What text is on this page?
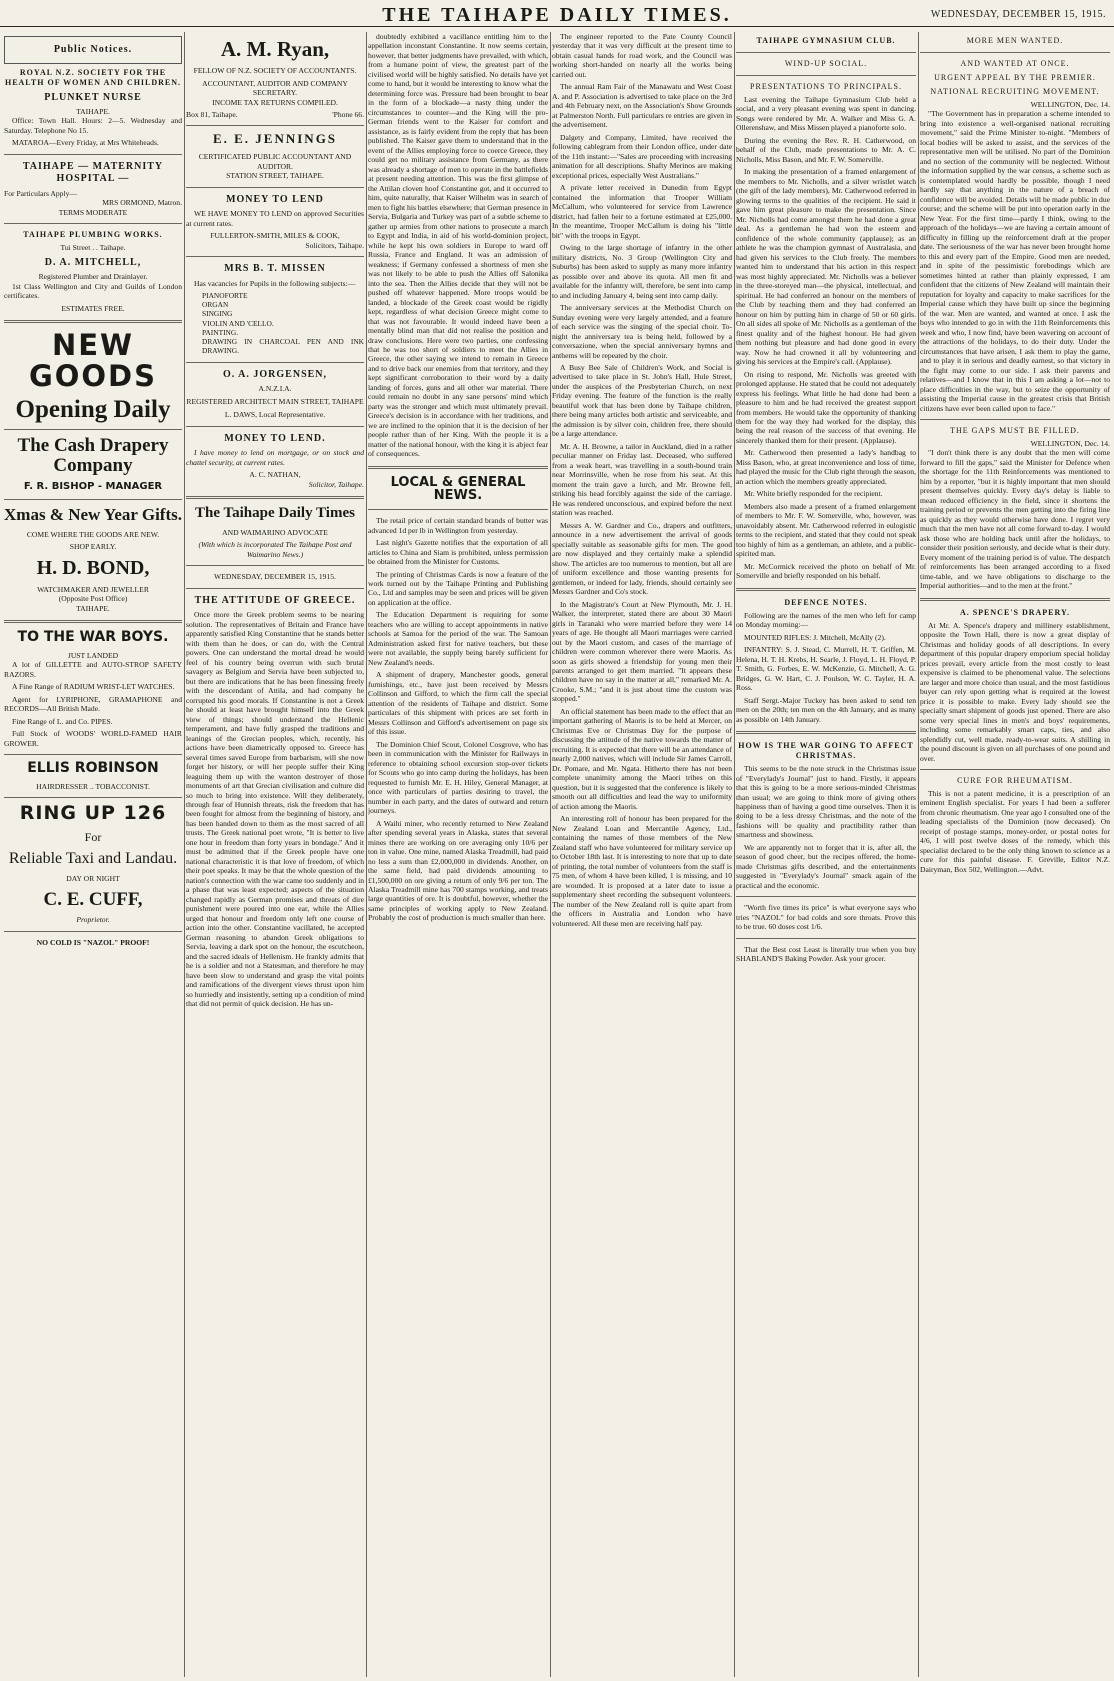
THE TAIHAPE DAILY TIMES.	WEDNESDAY, DECEMBER 15, 1915.
Public Notices.
ROYAL N.Z. SOCIETY FOR THE HEALTH OF WOMEN AND CHILDREN.
PLUNKET NURSE
TAIHAPE.

Office: Town Hall. Hours: 2—5. Wednesday and Saturday. Telephone No 15.

MATAROA—Every Friday, at Mrs Whiteheads.

TAIHAPE — MATERNITY HOSPITAL —
For Particulars Apply—
MRS ORMOND, Matron.
TERMS MODERATE
TAIHAPE PLUMBING WORKS.
Tui Street . . Taihape.
D. A. MITCHELL,
Registered Plumber and Drainlayer.

1st Class Wellington and City and Guilds of London certificates.

ESTIMATES FREE.
NEW GOODS
Opening Daily
The Cash Drapery Company
F. R. BISHOP - MANAGER
Xmas & New Year Gifts.
COME WHERE THE GOODS ARE NEW.
SHOP EARLY.
H. D. BOND,
WATCHMAKER AND JEWELLER
(Opposite Post Office)
TAIHAPE.
TO THE WAR BOYS.
JUST LANDED

A lot of GILLETTE and AUTO-STROP SAFETY RAZORS.

A Fine Range of RADIUM WRIST-LET WATCHES.

Agent for LYRIPHONE, GRAMAPHONE and RECORDS—All British Made.

Fine Range of L. and Co. PIPES.

Full Stock of WOODS' WORLD-FAMED HAIR GROWER.

ELLIS ROBINSON
HAIRDRESSER .. TOBACCONIST.
RING UP 126
For
Reliable Taxi and Landau.
DAY OR NIGHT
C. E. CUFF,
Proprietor.
NO COLD IS "NAZOL" PROOF!
A. M. Ryan,
FELLOW OF N.Z. SOCIETY OF ACCOUNTANTS.
ACCOUNTANT, AUDITOR AND COMPANY SECRETARY.
INCOME TAX RETURNS COMPILED.
Box 81, Taihape.	'Phone 66.
E. E. JENNINGS
CERTIFICATED PUBLIC ACCOUNTANT AND AUDITOR.
STATION STREET, TAIHAPE.
MONEY TO LEND

WE HAVE MONEY TO LEND on approved Securities at current rates.

FULLERTON-SMITH, MILES & COOK,
Solicitors, Taihape.
MRS B. T. MISSEN

Has vacancies for Pupils in the following subjects:—

PIANOFORTE
ORGAN
SINGING
VIOLIN AND 'CELLO.
PAINTING.
DRAWING IN CHARCOAL PEN AND INK DRAWING.
O. A. JORGENSEN,
A.N.Z.I.A.
REGISTERED ARCHITECT MAIN STREET, TAIHAPE
L. DAWS, Local Representative.
MONEY TO LEND.

I have money to lend on mortgage, or on stock and chattel security, at current rates.

A. C. NATHAN,
Solicitor, Taihape.
The Taihape Daily Times
AND WAIMARINO ADVOCATE
(With which is incorporated The Taihape Post and Waimarino News.)
WEDNESDAY, DECEMBER 15, 1915.
THE ATTITUDE OF GREECE.

Once more the Greek problem seems to be nearing solution. The representatives of Britain and France have apparently satisfied King Constantine that he stands better with them than he does, or can do, with the Central powers. One can understand the mortal dread he would feel of his country being overrun with such brutal savagery as Belgium and Servia have been subjected to, but there are indications that he has been finessing freely with the descendant of Attila, and had company he corrupted his good morals. If Constantine is not a Greek he should at least have brought himself into the Greek view of things; should understand the Hellenic temperament, and have fully grasped the traditions and leanings of the Grecian peoples, which, recently, his actions have been diametrically opposed to. Greece has several times saved Europe from barbarism, will she now forget her history, or will her people suffer their King leaguing them up with the wanton destroyer of those monuments of art that Grecian civilisation and culture did so much to bring into existence. Will they deliberately, through fear of Hunnish threats, risk the freedom that has been fought for almost from the beginning of history, and has been handed down to them as the most sacred of all trusts. The Greek national poet wrote, "It is better to live one hour in freedom than forty years in bondage." And it must be admitted that if the Greek people have one national characteristic it is that love of freedom, of which their poet speaks. It may be that the whole question of the nation's connection with the war came too suddenly and in a phase that was least expected; aspects of the situation changed rapidly as German promises and threats of dire punishment were poured into one ear, while the Allies urged that honour and freedom only left one course of action into the other. Constantine vacillated, he accepted German reasoning to abandon Greek obligations to Servia, leaving a dark spot on the honour, the escutcheon, and the sacred ideals of Hellenism. He frankly admits that he is a soldier and not a Statesman, and therefore he may have been slow to understand and grasp the vital points and ramifications of the divergent views thrust upon him so hurriedly and insistently, setting up a condition of mind that did not permit of quick decision. He has un-

doubtedly exhibited a vacillance entitling him to the appellation inconstant Constantine. It now seems certain, however, that better judgments have prevailed, with which, from a humane point of view, the greatest part of the civilised world will be highly satisfied. No details have yet come to hand, but it would be interesting to know what the determining force was. Pressure had been brought to bear in the form of a blockade—a nasty thing under the circumstances to counter—and the King will the pro-German friends went to the Kaiser for comfort and assistance, as is fairly evident from the reply that has been published. The Kaiser gave them to understand that in the event of the Allies employing force to coerce Greece, they could get no military assistance from Germany, as there was already a shortage of men to operate in the battlefields at present needing attention. This was the first glimpse of the Attilan cloven hoof Constantine got, and it occurred to him, quite naturally, that Kaiser Wilhelm was in search of men to fight his battles elsewhere; that German presence in Servia, Bulgaria and Turkey was part of a subtle scheme to gather up armies from other nations to prosecute a march to Egypt and India, in aid of his world-dominion project, while he kept his own soldiers in Europe to ward off Russia, France and England. It was an admission of weakness; if Germany confessed a shortness of men she was not likely to be able to push the Allies off Salonika into the sea. Then the Allies decide that they will not be pushed off whatever happened. More troops would be landed, a blockade of the Greek coast would be rigidly kept, regardless of what decision Greece might come to that was not favourable. It would indeed have been a mentally blind man that did not realise the position and draw conclusions. Here were two parties, one confessing that he was too short of soldiers to meet the Allies in Greece, the other saying we intend to remain in Greece and to drive back our enemies from that territory, and they kept significant corroboration to their word by a daily landing of forces, guns and all other war material. There could remain no doubt in any sane persons' mind which party was the stronger and which must ultimately prevail. Greece's decision is in accordance with her traditions, and we are inclined to the opinion that it is the decision of her people rather than of her King. With the people it is a matter of the national honour, with the king it is abject fear of consequences.

LOCAL & GENERAL NEWS.

The retail price of certain standard brands of butter was advanced 1d per lb in Wellington from yesterday.

Last night's Gazette notifies that the exportation of all articles to China and Siam is prohibited, unless permission be obtained from the Minister for Customs.

The printing of Christmas Cards is now a feature of the work turned out by the Taihape Printing and Publishing Co., Ltd and samples may be seen and prices will be given on application at the office.

The Education Department is requiring for some teachers who are willing to accept appointments in native schools at Samoa for the period of the war. The Samoan Administration asked first for native teachers, but these were not available, the supply being barely sufficient for New Zealand's needs.

A shipment of drapery, Manchester goods, general furnishings, etc., have just been received by Messrs Collinson and Gifford, to which the firm call the special attention of the residents of Taihape and district. Some particulars of this shipment with prices are set forth in Messrs Collinson and Gifford's advertisement on page six of this issue.

The Dominion Chief Scout, Colonel Cosgrove, who has been in communication with the Minister for Railways in reference to obtaining school excursion stop-over tickets for Scouts who go into camp during the holidays, has been requested to furnish Mr. E. H. Hiley, General Manager, at once with particulars of parties desiring to travel, the number in each party, and the dates of outward and return journeys.

A Waihi miner, who recently returned to New Zealand after spending several years in Alaska, states that several mines there are working on ore averaging only 10/6 per ton in value. One mine, named Alaska Treadmill, had paid no less a sum than £2,000,000 in dividends. Another, on the same field, had paid dividends amounting to £1,500,000 on ore giving a return of only 9/6 per ton. The Alaska Treadmill mine has 700 stamps working, and treats large quantities of ore. It is doubtful, however, whether the same principles of working apply to New Zealand. Probably the cost of production is much smaller than here.

The engineer reported to the Pate County Council yesterday that it was very difficult at the present time to obtain casual hands for road work, and the Council was working short-handed on nearly all the works being carried out.

The annual Ram Fair of the Manawatu and West Coast A. and P. Association is advertised to take place on the 3rd and 4th February next, on the Association's Show Grounds at Palmerston North. Full particulars re entries are given in the advertisement.

Dalgety and Company, Limited, have received the following cablegram from their London office, under date of the 11th instant:—"Sales are proceeding with increasing animation for all descriptions. Shafty Merinos are making exceptional prices, especially West Australians."

A private letter received in Dunedin from Egypt contained the information that Trooper William McCallum, who volunteered for service from Lawrence district, had fallen heir to a fortune estimated at £25,000. In the meantime, Trooper McCallum is doing his "little bit" with the troops in Egypt.

Owing to the large shortage of infantry in the other military districts, No. 3 Group (Wellington City and Suburbs) has been asked to supply as many more infantry as possible over and above its quota. All men fit and available for the infantry will, therefore, be sent into camp to and including January 4, being sent into camp daily.

The anniversary services at the Methodist Church on Sunday evening were very largely attended, and a feature of each service was the singing of the special choir. To-night the anniversary tea is being held, followed by a conversazione, when the special anniversary hymns and anthems will be repeated by the choir.

A Busy Bee Sale of Children's Work, and Social is advertised to take place in St. John's Hall, Hule Street, under the auspices of the Presbyterian Church, on next Friday evening. The feature of the function is the really beautiful work that has been done by Taihape children, there being many articles both artistic and serviceable, and the admission is by silver coin, children free, there should be a large attendance.

Mr. A. H. Browne, a tailor in Auckland, died in a rather peculiar manner on Friday last. Deceased, who suffered from a weak heart, was travelling in a south-bound train near Morrinsville, when he rose from his seat. At this moment the train gave a lurch, and Mr. Browne fell, striking his head forcibly against the side of the carriage. He was rendered unconscious, and expired before the next station was reached.

Messrs A. W. Gardner and Co., drapers and outfitters, announce in a new advertisement the arrival of goods specially suitable as seasonable gifts for men. The good are now displayed and they certainly make a splendid show. The articles are too numerous to mention, but all are of uniform excellence and those wanting presents for gentlemen, or indeed for lady, friends, should certainly see Messrs Gardner and Co's stock.

In the Magistrate's Court at New Plymouth, Mr. J. H. Walker, the interpreter, stated there are about 30 Maori girls in Taranaki who were married before they were 14 years of age. He thought all Maori marriages were carried out by the Maori custom, and cases of the marriage of children were common wherever there were Maoris. As soon as girls showed a friendship for young men their parents arranged to get them married. "It appears these children have no say in the matter at all," remarked Mr. A. Crooke, S.M.; "and it is just about time the custom was stopped."

An official statement has been made to the effect that an important gathering of Maoris is to be held at Mercer, on Christmas Eve or Christmas Day for the purpose of discussing the attitude of the native towards the matter of recruiting. It is expected that there will be an attendance of nearly 2,000 natives, which will include Sir James Carroll, Dr. Pomare, and Mr. Ngata. Hitherto there has not been complete unanimity among the Maori tribes on this question, but it is suggested that the conference is likely to smooth out all difficulties and lead the way to uniformity of action among the Maoris.

An interesting roll of honour has been prepared for the New Zealand Loan and Mercantile Agency, Ltd., containing the names of those members of the New Zealand staff who have volunteered for military service up to October 18th last. It is interesting to note that up to date of printing, the total number of volunteers from the staff is 75 men, of whom 4 have been killed, 1 is missing, and 10 are wounded. It is proposed at a later date to issue a supplementary sheet recording the subsequent volunteers. The number of the New Zealand roll is quite apart from the officers in Australia and London who have volunteered. All these men are receiving half pay.

TAIHAPE GYMNASIUM CLUB.
WIND-UP SOCIAL.
PRESENTATIONS TO PRINCIPALS.

Last evening the Taihape Gymnasium Club held a social, and a very pleasant evening was spent in dancing. Songs were rendered by Mr. A. Walker and Miss G. A. Ollerenshaw, and Miss Missen played a pianoforte solo.

During the evening the Rev. R. H. Catherwood, on behalf of the Club, made presentations to Mr. A. C. Nicholls, Miss Bason, and Mr. F. W. Somerville.

In making the presentation of a framed enlargement of the members to Mr. Nicholls, and a silver wristlet watch (the gift of the lady members), Mr. Catherwood referred in glowing terms to the qualities of the recipient. He said it gave him great pleasure to make the presentation. Since Mr. Nicholls had come amongst them he had done a great deal. As a gentleman he had won the esteem and confidence of the whole community (applause); as an athlete he was the champion gymnast of Australasia, and had given his services to the Club freely. The members wanted him to understand that his action in this respect was most highly appreciated. Mr. Nicholls was a believer in the three-storeyed man—the physical, intellectual, and spiritual. He had conferred an honour on the members of the Club by teaching them and they had conferred an honour on him by putting him in charge of 50 or 60 girls. On all sides all spoke of Mr. Nicholls as a gentleman of the finest quality and of the highest honour. He had given them nothing but pleasure and had done good in every way. Now he had crowned it all by volunteering and giving his services at the Empire's call. (Applause).

On rising to respond, Mr. Nicholls was greeted with prolonged applause. He stated that he could not adequately express his feelings. What little he had done had been a pleasure to him and he had received the greatest support from members. He would take the opportunity of thanking them for the way they had worked for the display, this being the real reason of the success of that evening. He sincerely thanked them for their present. (Applause).

Mr. Catherwood then presented a lady's handbag to Miss Bason, who, at great inconvenience and loss of time, had played the music for the Club right through the season, an action which the members greatly appreciated.

Mr. White briefly responded for the recipient.

Members also made a present of a framed enlargement of members to Mr. F. W. Somerville, who, however, was unavoidably absent. Mr. Catherwood referred in eulogistic terms to the recipient, and stated that they could not speak too highly of him as a gentleman, an athlete, and a public-spirited man.

Mr. McCormick received the photo on behalf of Mr. Somerville and briefly responded on his behalf.

DEFENCE NOTES.

Following are the names of the men who left for camp on Monday morning:—

MOUNTED RIFLES: J. Mitchell, McAlly (2).

INFANTRY: S. J. Stead, C. Murrell, H. T. Griffen, M. Helena, H. T. H. Krebs, H. Searle, J. Floyd, L. H. Floyd, P. T. Smith, G. Forbes, E. W. McKenzie, G. Mitchell, A. G. Bridges, G. W. Hart, C. J. Poulson, W. C. Tayler, H. A. Ross.

Staff Sergt.-Major Tuckey has been asked to send ten men on the 20th; ten men on the 4th January, and as many as possible on 14th January.

HOW IS THE WAR GOING TO AFFECT CHRISTMAS.

This seems to be the note struck in the Christmas issue of "Everylady's Journal" just to hand. Firstly, it appears that this is going to be a more serious-minded Christmas than usual; we are going to think more of giving others happiness than of having a good time ourselves. Then it is going to be a less dressy Christmas, and the note of the fashions will be quality and practibility rather than smartness and showiness.

We are apparently not to forget that it is, after all, the season of good cheer, but the recipes offered, the home-made Christmas gifts described, and the entertainments suggested in "Everylady's Journal" smack again of the practical and the economic.

"Worth five times its price" is what everyone says who tries "NAZOL" for bad colds and sore throats. Prove this to be true. 60 doses cost 1/6.

That the Best cost Least is literally true when you buy SHABLAND'S Baking Powder. Ask your grocer.

MORE MEN WANTED.
AND WANTED AT ONCE.
URGENT APPEAL BY THE PREMIER.
NATIONAL RECRUITING MOVEMENT.
WELLINGTON, Dec. 14.

"The Government has in preparation a scheme intended to bring into existence a well-organised national recruiting movement," said the Prime Minister to-night. "Members of local bodies will be asked to assist, and the services of the representative men will be utilised. No part of the Dominion and no section of the community will be neglected. Without the information supplied by the war census, a scheme such as is contemplated would hardly be possible, though I need hardly say that anything in the nature of a breach of confidence will be avoided. Details will be made public in due course; and the scheme will be put into operation early in the New Year. For the first time—partly I think, owing to the approach of the holidays—we are having a certain amount of difficulty in filling up the reinforcement draft at the proper date. The seriousness of the war has never been brought home to this and every part of the Empire. Good men are needed, and in spite of the pessimistic forebodings which are sometimes hinted at rather than plainly expressed, I am confident that the citizens of New Zealand will maintain their reputation for loyalty and capacity to make sacrifices for the Imperial cause which they have built up since the beginning of the war. Men are wanted, and wanted at once. I ask the boys who intended to go in with the 11th Reinforcements this week and who, I now find, have been wavering on account of the attractions of the holidays, to do their duty. Under the circumstances that have arisen, I ask them to play the game, and to play it in serious and deadly earnest, so that victory in the fight may come to our side. I ask their parents and relatives—and I know that in this I am asking a lot—not to place difficulties in the way, but to seize the opportunity of assisting the Imperial cause in the greatest crisis that British citizens have ever been called upon to face."

THE GAPS MUST BE FILLED.
WELLINGTON, Dec. 14.

"I don't think there is any doubt that the men will come forward to fill the gaps," said the Minister for Defence when the shortage for the 11th Reinforcements was mentioned to him by a reporter, "but it is highly important that men should present themselves quickly. Every day's delay is liable to mean reduced efficiency in the field, since it shortens the training period or prevents the men getting into the firing line as quickly as they would otherwise have done. I regret very much that the men have not all come forward to-day. I would ask those who are holding back until after the holidays, to consider their position seriously, and decide what is their duty. Every moment of the training period is of value. The despatch of reinforcements has been arranged according to a fixed time-table, and we have obligations to discharge to the Imperial authorities—and to the men at the front."

A. SPENCE'S DRAPERY.

At Mr. A. Spence's drapery and millinery establishment, opposite the Town Hall, there is now a great display of Christmas and holiday goods of all descriptions. In every department of this popular drapery emporium special holiday prices prevail, every article from the most costly to least expensive is claimed to be phenomenal value. The selections are larger and more choice than usual, and the most fastidious buyer can rely upon getting what is required at the lowest price it is possible to make. Every lady should see the specially smart shipment of goods just opened. There are also some very special lines in men's and boys' requirements, including some remarkably smart caps, ties, and also splendidly cut, well made, ready-to-wear suits. A shilling in the pound discount is given on all purchases of one pound and over.

CURE FOR RHEUMATISM.

This is not a patent medicine, it is a prescription of an eminent English specialist. For years I had been a sufferer from chronic rheumatism. One year ago I consulted one of the leading specialists of the Dominion (now deceased). On receipt of postage stamps, money-order, or postal notes for 4/6, I will post twelve doses of the remedy, which this specialist declared to be the only thing known to science as a cure for this painful disease. F. Greville, Editor N.Z. Dairyman, Box 502, Wellington.—Advt.
